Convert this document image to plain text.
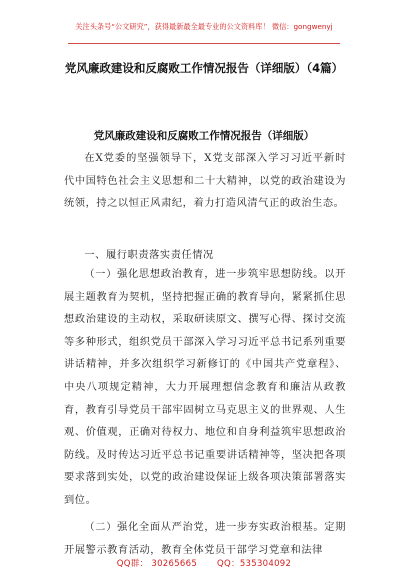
关注头条号“公文研究”，获得最新最全最专业的公文资料库！ 微信：gongwenyj
党风廉政建设和反腐败工作情况报告（详细版）（4篇）
党风廉政建设和反腐败工作情况报告（详细版）

在X党委的坚强领导下，X党支部深入学习习近平新时代中国特色社会主义思想和二十大精神，以党的政治建设为统领，持之以恒正风肃纪，着力打造风清气正的政治生态。

一、履行职责落实责任情况

（一）强化思想政治教育，进一步筑牢思想防线。以开展主题教育为契机，坚持把握正确的教育导向，紧紧抓住思想政治建设的主动权，采取研读原文、撰写心得、探讨交流等多种形式，组织党员干部深入学习习近平总书记系列重要讲话精神，并多次组织学习新修订的《中国共产党章程》、中央八项规定精神，大力开展理想信念教育和廉洁从政教育，教育引导党员干部牢固树立马克思主义的世界观、人生观、价值观，正确对待权力、地位和自身利益筑牢思想政治防线。及时传达习近平总书记重要讲话精神等，坚决把各项要求落到实处，以党的政治建设保证上级各项决策部署落实到位。

（二）强化全面从严治党，进一步夯实政治根基。定期开展警示教育活动，教育全体党员干部学习党章和法律

QQ群： 30265665 QQ：535304092
